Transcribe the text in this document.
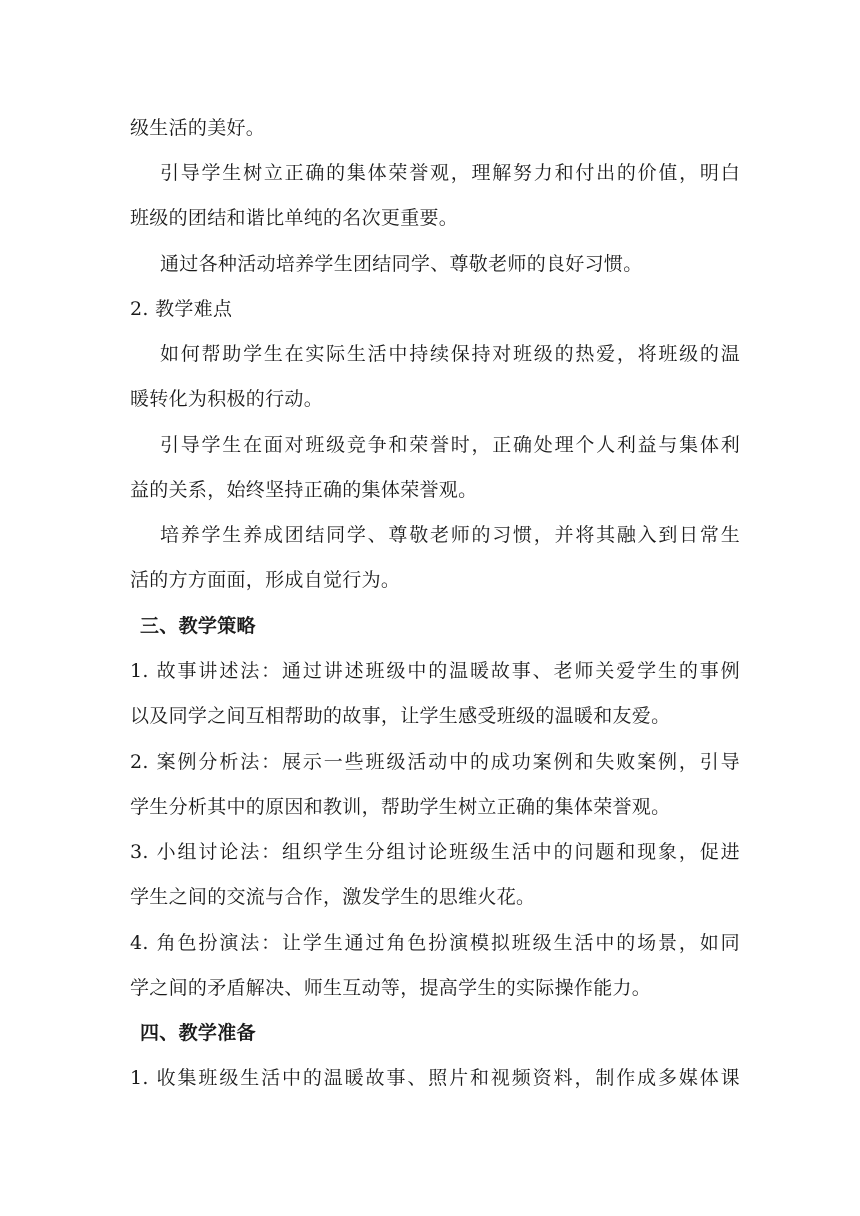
级生活的美好。
引导学生树立正确的集体荣誉观，理解努力和付出的价值，明白
班级的团结和谐比单纯的名次更重要。
通过各种活动培养学生团结同学、尊敬老师的良好习惯。
2. 教学难点
如何帮助学生在实际生活中持续保持对班级的热爱，将班级的温
暖转化为积极的行动。
引导学生在面对班级竞争和荣誉时，正确处理个人利益与集体利
益的关系，始终坚持正确的集体荣誉观。
培养学生养成团结同学、尊敬老师的习惯，并将其融入到日常生
活的方方面面，形成自觉行为。
三、教学策略
1. 故事讲述法：通过讲述班级中的温暖故事、老师关爱学生的事例
以及同学之间互相帮助的故事，让学生感受班级的温暖和友爱。
2. 案例分析法：展示一些班级活动中的成功案例和失败案例，引导
学生分析其中的原因和教训，帮助学生树立正确的集体荣誉观。
3. 小组讨论法：组织学生分组讨论班级生活中的问题和现象，促进
学生之间的交流与合作，激发学生的思维火花。
4. 角色扮演法：让学生通过角色扮演模拟班级生活中的场景，如同
学之间的矛盾解决、师生互动等，提高学生的实际操作能力。
四、教学准备
1. 收集班级生活中的温暖故事、照片和视频资料，制作成多媒体课
